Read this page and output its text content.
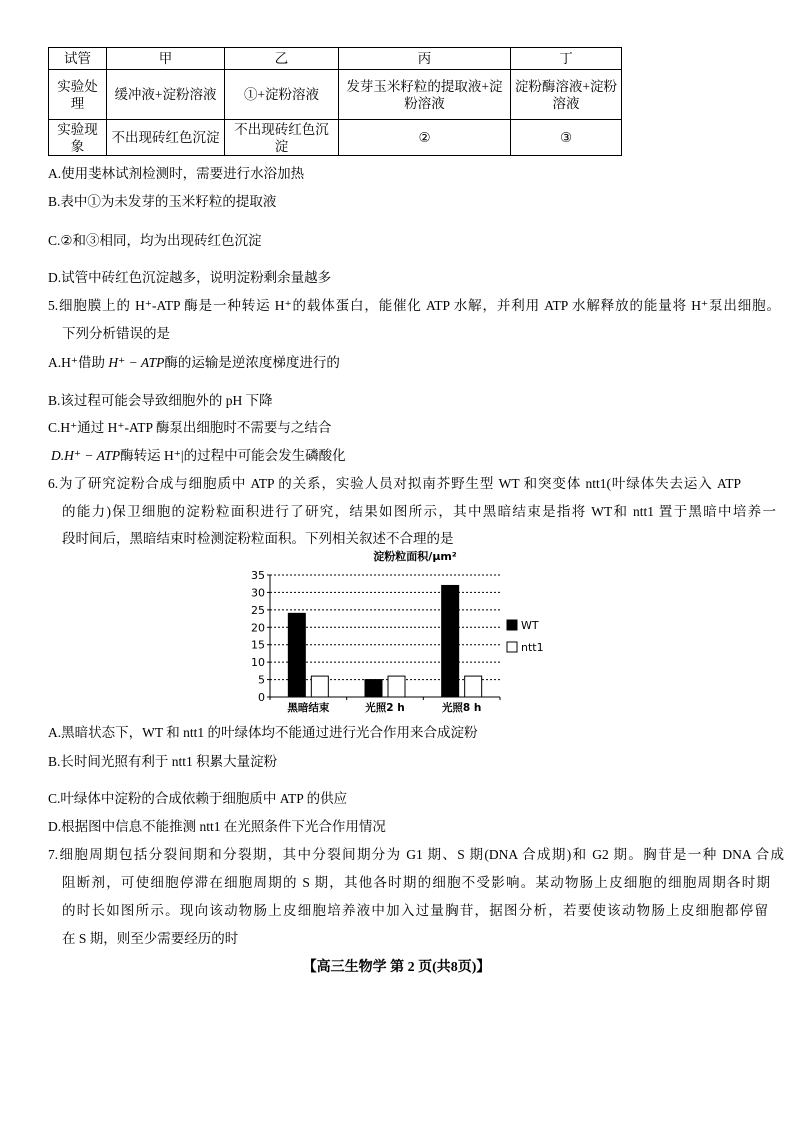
试管	甲	乙	丙	丁

实验处理	缓冲液+淀粉溶液	①+淀粉溶液	发芽玉米籽粒的提取液+淀粉溶液	淀粉酶溶液+淀粉溶液

实验现象	不出现砖红色沉淀	不出现砖红色沉淀	②	③
A.使用斐林试剂检测时，需要进行水浴加热
B.表中①为未发芽的玉米籽粒的提取液
C.②和③相同，均为出现砖红色沉淀
D.试管中砖红色沉淀越多，说明淀粉剩余量越多
5.细胞膜上的 H⁺-ATP 酶是一种转运 H⁺的载体蛋白，能催化 ATP 水解，并利用 ATP 水解释放的能量将 H⁺泵出细胞。
下列分析错误的是
A.H⁺借助 H⁺ − ATP酶的运输是逆浓度梯度进行的
B.该过程可能会导致细胞外的 pH 下降
C.H⁺通过 H⁺-ATP 酶泵出细胞时不需要与之结合
D.H⁺ − ATP酶转运 H⁺|的过程中可能会发生磷酸化
6.为了研究淀粉合成与细胞质中 ATP 的关系，实验人员对拟南芥野生型 WT 和突变体 ntt1(叶绿体失去运入 ATP
的能力)保卫细胞的淀粉粒面积进行了研究，结果如图所示，其中黑暗结束是指将 WT和 ntt1 置于黑暗中培养一
段时间后，黑暗结束时检测淀粉粒面积。下列相关叙述不合理的是
淀粉粒面积/μm²
0
5
10
15
20
25
30
35
黑暗结束	光照2 h	光照8 h
WT
ntt1
A.黑暗状态下，WT 和 ntt1 的叶绿体均不能通过进行光合作用来合成淀粉
B.长时间光照有利于 ntt1 积累大量淀粉
C.叶绿体中淀粉的合成依赖于细胞质中 ATP 的供应
D.根据图中信息不能推测 ntt1 在光照条件下光合作用情况
7.细胞周期包括分裂间期和分裂期，其中分裂间期分为 G1 期、S 期(DNA 合成期)和 G2 期。胸苷是一种 DNA 合成
阻断剂，可使细胞停滞在细胞周期的 S 期，其他各时期的细胞不受影响。某动物肠上皮细胞的细胞周期各时期
的时长如图所示。现向该动物肠上皮细胞培养液中加入过量胸苷，据图分析，若要使该动物肠上皮细胞都停留
在 S 期，则至少需要经历的时
【高三生物学 第 2 页(共8页)】
